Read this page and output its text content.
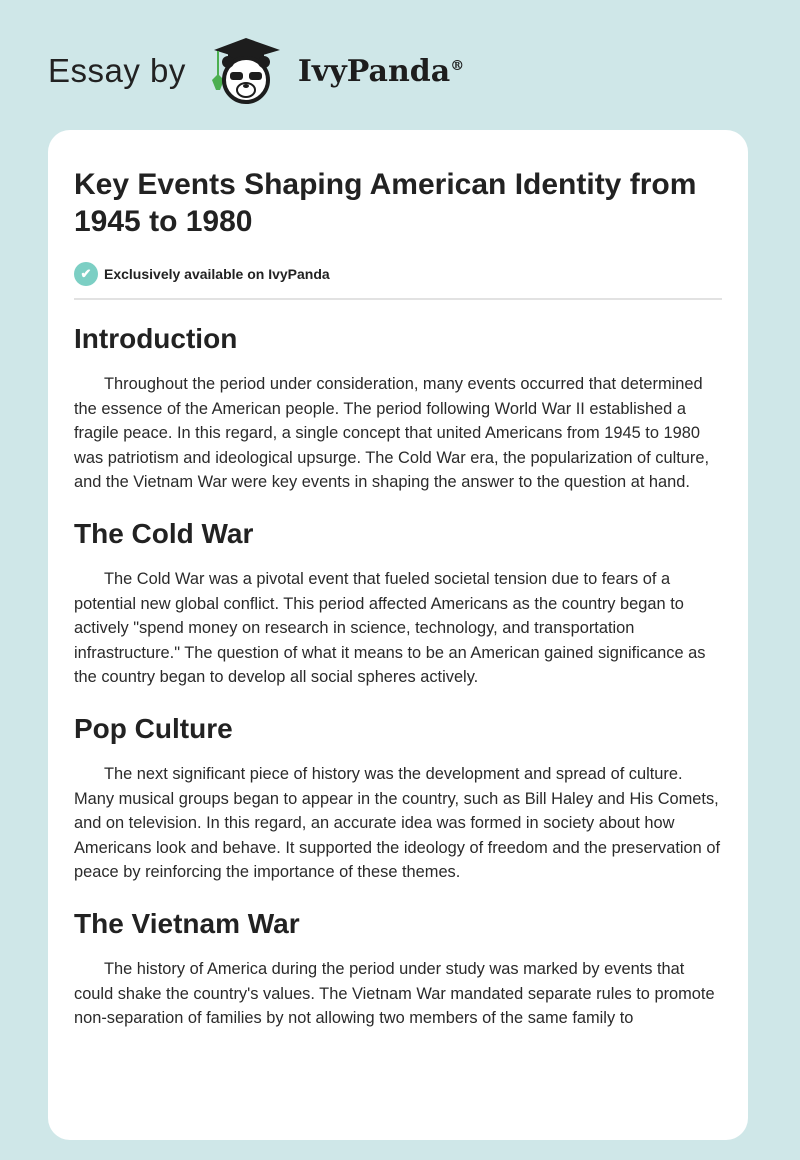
Essay by	IvyPanda®
Key Events Shaping American Identity from 1945 to 1980
✔ Exclusively available on IvyPanda
Introduction

Throughout the period under consideration, many events occurred that determined the essence of the American people. The period following World War II established a fragile peace. In this regard, a single concept that united Americans from 1945 to 1980 was patriotism and ideological upsurge. The Cold War era, the popularization of culture, and the Vietnam War were key events in shaping the answer to the question at hand.

The Cold War

The Cold War was a pivotal event that fueled societal tension due to fears of a potential new global conflict. This period affected Americans as the country began to actively "spend money on research in science, technology, and transportation infrastructure." The question of what it means to be an American gained significance as the country began to develop all social spheres actively.

Pop Culture

The next significant piece of history was the development and spread of culture. Many musical groups began to appear in the country, such as Bill Haley and His Comets, and on television. In this regard, an accurate idea was formed in society about how Americans look and behave. It supported the ideology of freedom and the preservation of peace by reinforcing the importance of these themes.

The Vietnam War

The history of America during the period under study was marked by events that could shake the country's values. The Vietnam War mandated separate rules to promote non-separation of families by not allowing two members of the same family to
